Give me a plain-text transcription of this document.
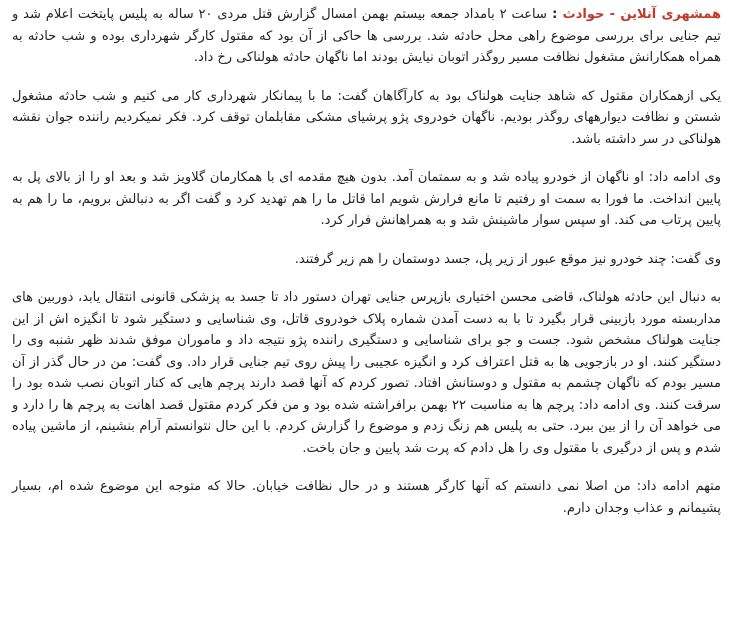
همشهری آنلاین - حوادث : ساعت ۲ بامداد جمعه بیستم بهمن امسال گزارش قتل مردی ۲۰ ساله به پلیس پایتخت اعلام شد و تیم جنایی برای بررسی موضوع راهی محل حادثه شد. بررسی ها حاکی از آن بود که مقتول کارگر شهرداری بوده و شب حادثه به همراه همکارانش مشغول نظافت مسیر روگذر اتوبان نیایش بودند اما ناگهان حادثه هولناکی رخ داد.

یکی ازهمکاران مقتول که شاهد جنایت هولناک بود به کارآگاهان گفت: ما با پیمانکار شهرداری کار می کنیم و شب حادثه مشغول شستن و نظافت دیوارههای روگذر بودیم. ناگهان خودروی پژو پرشیای مشکی مقابلمان توقف کرد. فکر نمیکردیم راننده جوان نقشه هولناکی در سر داشته باشد.

وی ادامه داد: او ناگهان از خودرو پیاده شد و به سمتمان آمد. بدون هیچ مقدمه ای با همکارمان گلاویز شد و بعد او را از بالای پل به پایین انداخت. ما فورا به سمت او رفتیم تا مانع فرارش شویم اما قاتل ما را هم تهدید کرد و گفت اگر به دنبالش برویم، ما را هم به پایین پرتاب می کند. او سپس سوار ماشینش شد و به همراهانش فرار کرد.

وی گفت: چند خودرو نیز موقع عبور از زیر پل، جسد دوستمان را هم زیر گرفتند.

به دنبال این حادثه هولناک، قاضی محسن اختیاری بازپرس جنایی تهران دستور داد تا جسد به پزشکی قانونی انتقال یابد، دوربین های مداربسته مورد بازبینی قرار بگیرد تا با به دست آمدن شماره پلاک خودروی قاتل، وی شناسایی و دستگیر شود تا انگیزه اش از این جنایت هولناک مشخص شود. جست و جو برای شناسایی و دستگیری راننده پژو نتیجه داد و ماموران موفق شدند ظهر شنبه وی را دستگیر کنند. او در بازجویی ها به قتل اعتراف کرد و انگیزه عجیبی را پیش روی تیم جنایی قرار داد. وی گفت: من در حال گذر از آن مسیر بودم که ناگهان چشمم به مقتول و دوستانش افتاد. تصور کردم که آنها قصد دارند پرچم هایی که کنار اتوبان نصب شده بود را سرقت کنند. وی ادامه داد: پرچم ها به مناسبت ۲۲ بهمن برافراشته شده بود و من فکر کردم مقتول قصد اهانت به پرچم ها را دارد و می خواهد آن را از بین ببرد. حتی به پلیس هم زنگ زدم و موضوع را گزارش کردم. با این حال نتوانستم آرام بنشینم، از ماشین پیاده شدم و پس از درگیری با مقتول وی را هل دادم که پرت شد پایین و جان باخت.

متهم ادامه داد: من اصلا نمی دانستم که آنها کارگر هستند و در حال نظافت خیابان. حالا که متوجه این موضوع شده ام، بسیار پشیمانم و عذاب وجدان دارم.
